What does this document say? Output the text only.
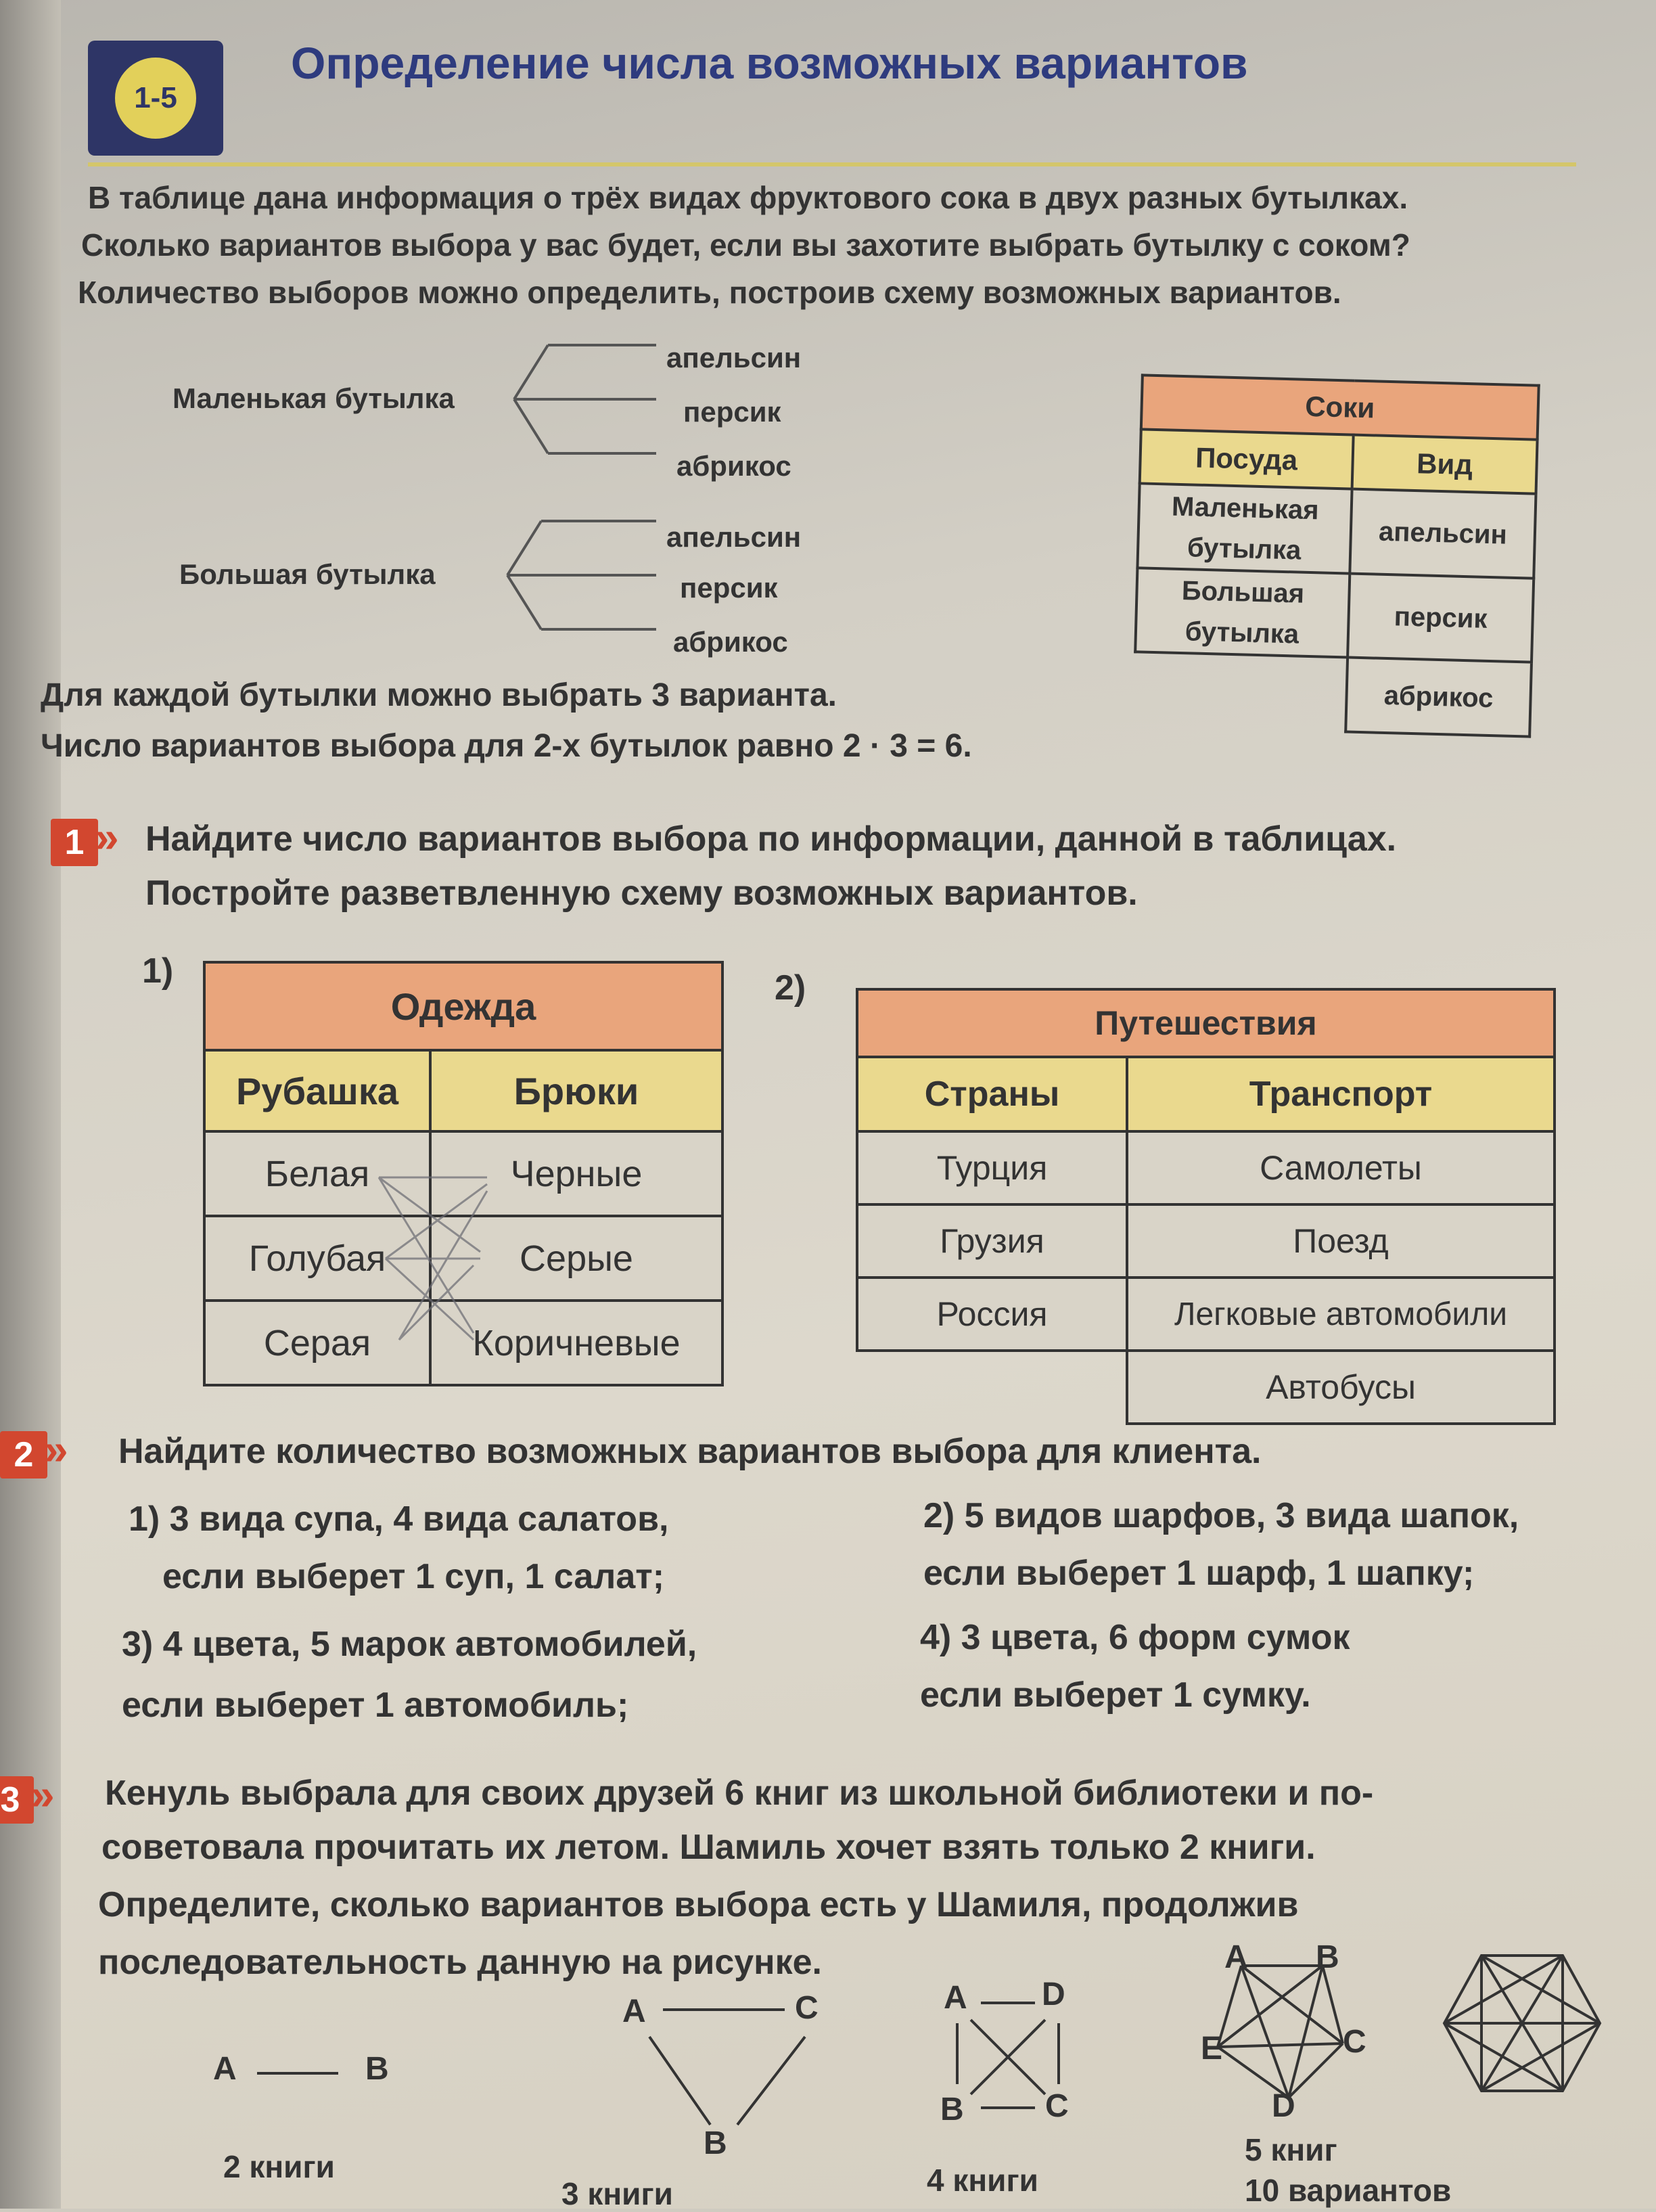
1-5
Определение числа возможных вариантов
В таблице дана информация о трёх видах фруктового сока в двух разных бутылках.
Сколько вариантов выбора у вас будет, если вы захотите выбрать бутылку с соком?
Количество выборов можно определить, построив схему возможных вариантов.
Маленькая бутылка
Большая бутылка
апельсин
персик
абрикос
апельсин
персик
абрикос
Соки	
Посуда	Вид
Маленькая бутылка	апельсин
Большая бутылка	персик
	абрикос
Для каждой бутылки можно выбрать 3 варианта.
Число вариантов выбора для 2-х бутылок равно 2 · 3 = 6.
1 » Найдите число вариантов выбора по информации, данной в таблицах.
Постройте разветвленную схему возможных вариантов.
1)	2)
Одежда	
Рубашка	Брюки
Белая	Черные
Голубая	Серые
Серая	Коричневые
Путешествия	
Страны	Транспорт
Турция	Самолеты
Грузия	Поезд
Россия	Легковые автомобили
	Автобусы
2 » Найдите количество возможных вариантов выбора для клиента.
1) 3 вида супа, 4 вида салатов,
если выберет 1 суп, 1 салат;
2) 5 видов шарфов, 3 вида шапок,
если выберет 1 шарф, 1 шапку;
3) 4 цвета, 5 марок автомобилей,
если выберет 1 автомобиль;
4) 3 цвета, 6 форм сумок
если выберет 1 сумку.
3 » Кенуль выбрала для своих друзей 6 книг из школьной библиотеки и по-
советовала прочитать их летом. Шамиль хочет взять только 2 книги.
Определите, сколько вариантов выбора есть у Шамиля, продолжив
последовательность данную на рисунке.
A	B
2 книги
A	C
B
3 книги
A D
B	C
4 книги
A B
C
D
E
5 книг
10 вариантов
